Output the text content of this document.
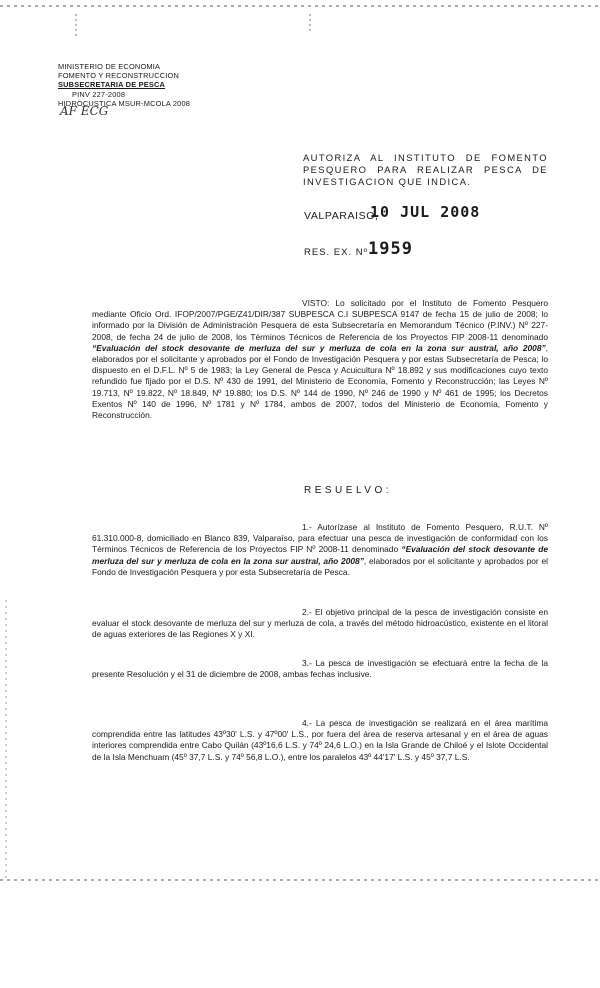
MINISTERIO DE ECONOMIA
FOMENTO Y RECONSTRUCCION
SUBSECRETARIA DE PESCA
PINV 227-2008
HIDROCUSTICA MSUR-MCOLA 2008
AF ECG
AUTORIZA AL INSTITUTO DE FOMENTO PESQUERO PARA REALIZAR PESCA DE INVESTIGACION QUE INDICA.
VALPARAISO,
10 JUL 2008
RES. EX. Nº 1959
VISTO: Lo solicitado por el Instituto de Fomento Pesquero mediante Oficio Ord. IFOP/2007/PGE/Z41/DIR/387 SUBPESCA C.I SUBPESCA 9147 de fecha 15 de julio de 2008; lo informado por la División de Administración Pesquera de esta Subsecretaría en Memorandum Técnico (P.INV.) Nº 227-2008, de fecha 24 de julio de 2008, los Términos Técnicos de Referencia de los Proyectos FIP 2008-11 denominado “Evaluación del stock desovante de merluza del sur y merluza de cola en la zona sur austral, año 2008”, elaborados por el solicitante y aprobados por el Fondo de Investigación Pesquera y por estas Subsecretaría de Pesca; lo dispuesto en el D.F.L. Nº 5 de 1983; la Ley General de Pesca y Acuicultura Nº 18.892 y sus modificaciones cuyo texto refundido fue fijado por el D.S. Nº 430 de 1991, del Ministerio de Economía, Fomento y Reconstrucción; las Leyes Nº 19.713, Nº 19.822, Nº 18.849, Nº 19.880; los D.S. Nº 144 de 1990, Nº 246 de 1990 y Nº 461 de 1995; los Decretos Exentos Nº 140 de 1996, Nº 1781 y Nº 1784, ambos de 2007, todos del Ministerio de Economía, Fomento y Reconstrucción.
RESUELVO:
1.- Autorízase al Instituto de Fomento Pesquero, R.U.T. Nº 61.310.000-8, domiciliado en Blanco 839, Valparaíso, para efectuar una pesca de investigación de conformidad con los Términos Técnicos de Referencia de los Proyectos FIP Nº 2008-11 denominado “Evaluación del stock desovante de merluza del sur y merluza de cola en la zona sur austral, año 2008”, elaborados por el solicitante y aprobados por el Fondo de Investigación Pesquera y por esta Subsecretaría de Pesca.
2.- El objetivo principal de la pesca de investigación consiste en evaluar el stock desovante de merluza del sur y merluza de cola, a través del método hidroacústico, existente en el litoral de aguas exteriores de las Regiones X y XI.
3.- La pesca de investigación se efectuará entre la fecha de la presente Resolución y el 31 de diciembre de 2008, ambas fechas inclusive.
4.- La pesca de investigación se realizará en el área marítima comprendida entre las latitudes 43º30' L.S. y 47º00' L.S., por fuera del área de reserva artesanal y en el área de aguas interiores comprendida entre Cabo Quilán (43º16,6 L.S. y 74º 24,6 L.O.) en la Isla Grande de Chiloé y el Islote Occidental de la Isla Menchuam (45º 37,7 L.S. y 74º 56,8 L.O.), entre los paralelos 43º 44'17' L.S. y 45º 37,7 L.S.
